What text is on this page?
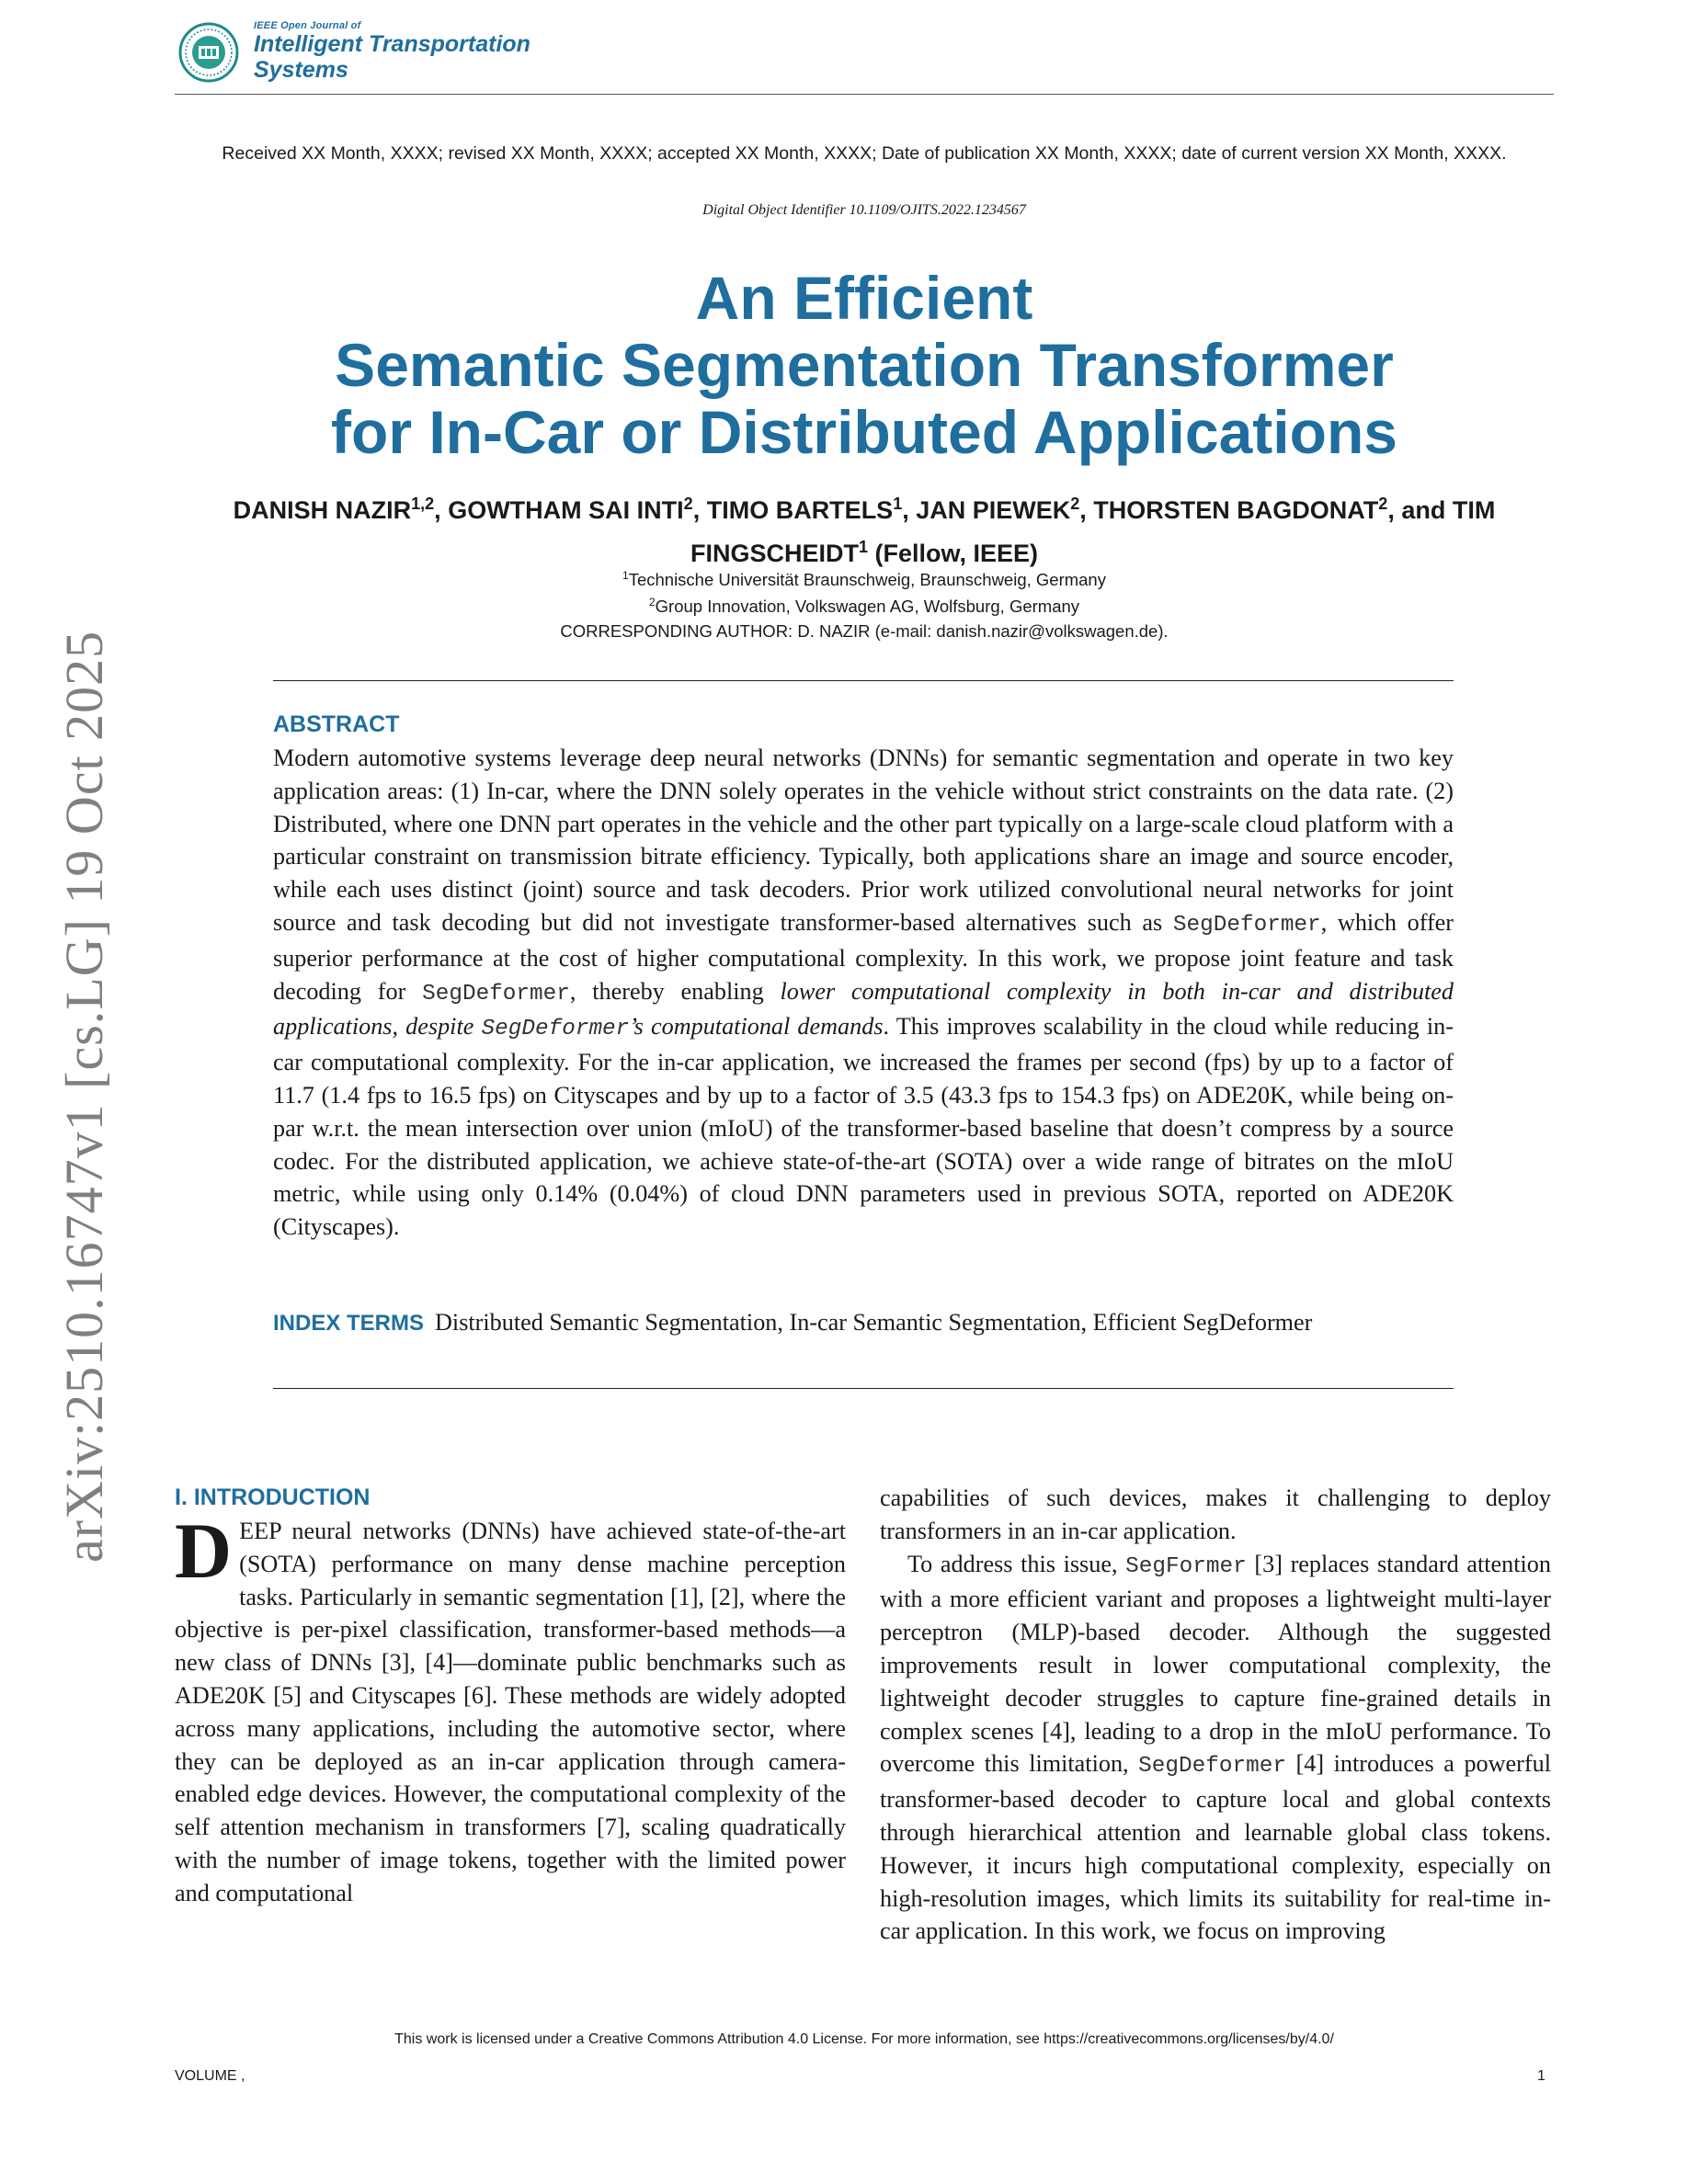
IEEE Open Journal of
Intelligent Transportation
Systems
arXiv:2510.16747v1 [cs.LG] 19 Oct 2025
Received XX Month, XXXX; revised XX Month, XXXX; accepted XX Month, XXXX; Date of publication XX Month, XXXX; date of current version XX Month, XXXX.
Digital Object Identifier 10.1109/OJITS.2022.1234567
An Efficient
Semantic Segmentation Transformer
for In-Car or Distributed Applications
DANISH NAZIR$^{1,2}$, GOWTHAM SAI INTI$^2$, TIMO BARTELS$^1$, JAN PIEWEK$^2$, THORSTEN BAGDONAT$^2$, and TIM FINGSCHEIDT$^1$ (Fellow, IEEE)
$^1$Technische Universität Braunschweig, Braunschweig, Germany
$^2$Group Innovation, Volkswagen AG, Wolfsburg, Germany
CORRESPONDING AUTHOR: D. NAZIR (e-mail: danish.nazir@volkswagen.de).
ABSTRACT

Modern automotive systems leverage deep neural networks (DNNs) for semantic segmentation and operate in two key application areas: (1) In-car, where the DNN solely operates in the vehicle without strict constraints on the data rate. (2) Distributed, where one DNN part operates in the vehicle and the other part typically on a large-scale cloud platform with a particular constraint on transmission bitrate efficiency. Typically, both applications share an image and source encoder, while each uses distinct (joint) source and task decoders. Prior work utilized convolutional neural networks for joint source and task decoding but did not investigate transformer-based alternatives such as SegDeformer, which offer superior performance at the cost of higher computational complexity. In this work, we propose joint feature and task decoding for SegDeformer, thereby enabling lower computational complexity in both in-car and distributed applications, despite SegDeformer’s computational demands. This improves scalability in the cloud while reducing in-car computational complexity. For the in-car application, we increased the frames per second (fps) by up to a factor of 11.7 (1.4 fps to 16.5 fps) on Cityscapes and by up to a factor of 3.5 (43.3 fps to 154.3 fps) on ADE20K, while being on-par w.r.t. the mean intersection over union (mIoU) of the transformer-based baseline that doesn’t compress by a source codec. For the distributed application, we achieve state-of-the-art (SOTA) over a wide range of bitrates on the mIoU metric, while using only 0.14% (0.04%) of cloud DNN parameters used in previous SOTA, reported on ADE20K (Cityscapes).

INDEX TERMS Distributed Semantic Segmentation, In-car Semantic Segmentation, Efficient SegDeformer
I. INTRODUCTION

DEEP neural networks (DNNs) have achieved state-of-the-art (SOTA) performance on many dense machine perception tasks. Particularly in semantic segmentation [1], [2], where the objective is per-pixel classification, transformer-based methods—a new class of DNNs [3], [4]—dominate public benchmarks such as ADE20K [5] and Cityscapes [6]. These methods are widely adopted across many applications, including the automotive sector, where they can be deployed as an in-car application through camera-enabled edge devices. However, the computational complexity of the self attention mechanism in transformers [7], scaling quadratically with the number of image tokens, together with the limited power and computational

capabilities of such devices, makes it challenging to deploy transformers in an in-car application.

To address this issue, SegFormer [3] replaces standard attention with a more efficient variant and proposes a lightweight multi-layer perceptron (MLP)-based decoder. Although the suggested improvements result in lower computational complexity, the lightweight decoder struggles to capture fine-grained details in complex scenes [4], leading to a drop in the mIoU performance. To overcome this limitation, SegDeformer [4] introduces a powerful transformer-based decoder to capture local and global contexts through hierarchical attention and learnable global class tokens. However, it incurs high computational complexity, especially on high-resolution images, which limits its suitability for real-time in-car application. In this work, we focus on improving

This work is licensed under a Creative Commons Attribution 4.0 License. For more information, see https://creativecommons.org/licenses/by/4.0/
VOLUME ,	1
